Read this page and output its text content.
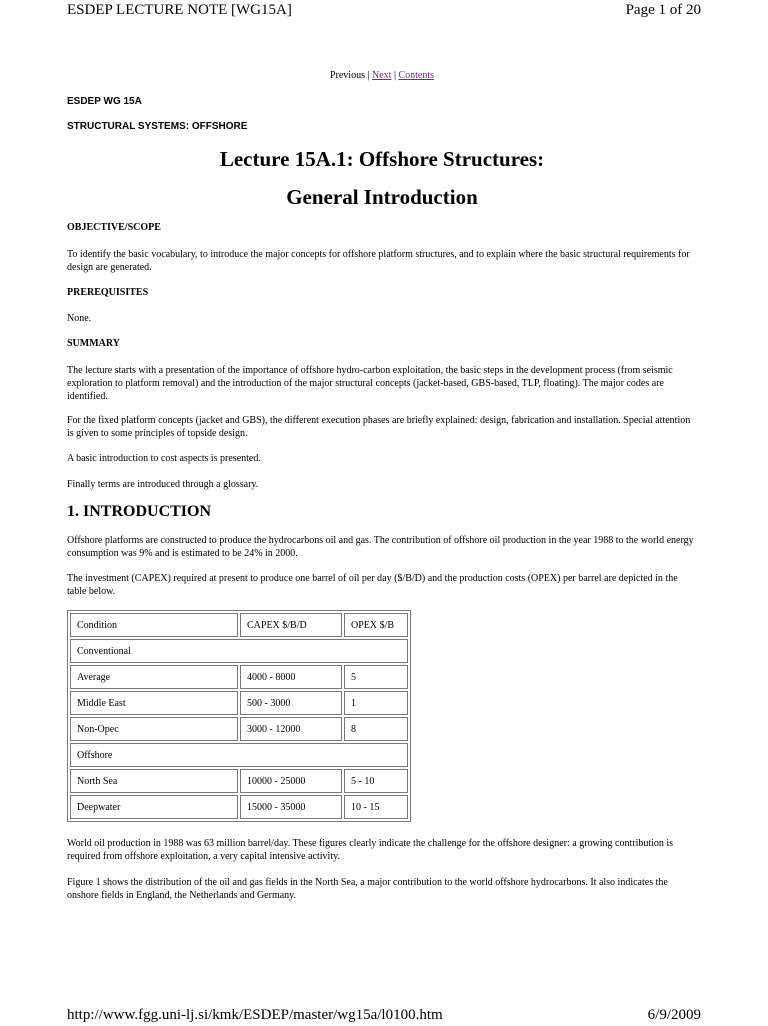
ESDEP LECTURE NOTE [WG15A]	Page 1 of 20
Previous | Next | Contents
ESDEP WG 15A
STRUCTURAL SYSTEMS: OFFSHORE
Lecture 15A.1: Offshore Structures:
General Introduction
OBJECTIVE/SCOPE
To identify the basic vocabulary, to introduce the major concepts for offshore platform structures, and to explain where the basic structural requirements for design are generated.
PREREQUISITES
None.
SUMMARY
The lecture starts with a presentation of the importance of offshore hydro-carbon exploitation, the basic steps in the development process (from seismic exploration to platform removal) and the introduction of the major structural concepts (jacket-based, GBS-based, TLP, floating). The major codes are identified.
For the fixed platform concepts (jacket and GBS), the different execution phases are briefly explained: design, fabrication and installation. Special attention is given to some principles of topside design.
A basic introduction to cost aspects is presented.
Finally terms are introduced through a glossary.
1. INTRODUCTION
Offshore platforms are constructed to produce the hydrocarbons oil and gas. The contribution of offshore oil production in the year 1988 to the world energy consumption was 9% and is estimated to be 24% in 2000.
The investment (CAPEX) required at present to produce one barrel of oil per day ($/B/D) and the production costs (OPEX) per barrel are depicted in the table below.
Condition	CAPEX $/B/D	OPEX $/B
Conventional		
Average	4000 - 8000	5
Middle East	500 - 3000	1
Non-Opec	3000 - 12000	8
Offshore		
North Sea	10000 - 25000	5 - 10
Deepwater	15000 - 35000	10 - 15
World oil production in 1988 was 63 million barrel/day. These figures clearly indicate the challenge for the offshore designer: a growing contribution is required from offshore exploitation, a very capital intensive activity.
Figure 1 shows the distribution of the oil and gas fields in the North Sea, a major contribution to the world offshore hydrocarbons. It also indicates the onshore fields in England, the Netherlands and Germany.
http://www.fgg.uni-lj.si/kmk/ESDEP/master/wg15a/l0100.htm	6/9/2009
